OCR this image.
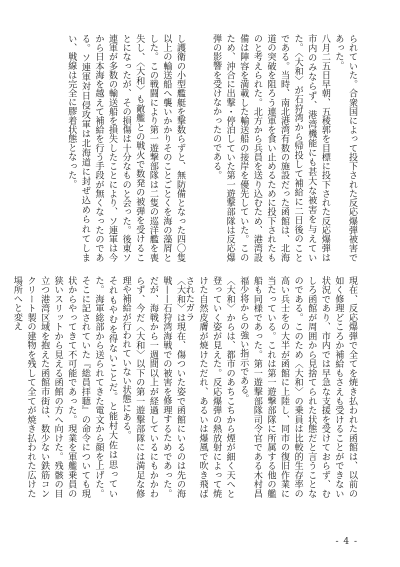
られていた。合衆国によって投下された反応爆弾被害であった。
八月二五日早朝、五稜郭を目標に投下された反応爆弾は市内のみならず、港湾機能にも甚大な被害を与えていた。〈大和〉が石狩湾から帰投して補給に二日後のことである。当時、南北港湾有数の施設だった函館は、北海道の突破を阻ろう連軍を食い止めるために投下されたものと考えられた。北方から兵員を送り込むため、港湾設備は陣容を満載した輸送船の接岸を優先していた。このため、沖合に出撃・停泊していた第一遊撃部隊は反応爆弾の影響を受けなかったのである。
し護衛の小型艦艇を撃数らずと、無防備となった四〇隻以上の輸送船へ襲いかかりそのことごとくを海の藻屑とした。この戦闘により第一遊撃部隊は二隻の巡洋艦を喪失し、〈大和〉も敵艦との戦火で数発の被弾を受けることになったが、その損傷は十分なものと会った。後東ソ連軍が多数の輸送船を損失したことにより、ソ連軍は今から日本海を越えて補給を行う手段が無くなったのである。ソ連軍対日侵攻軍は北海道に封ぜ込められてしまい、戦線は完全に膠着状態となった。
現在、反応爆弾で全てを焼き払われた函館は、以前の如く修理どころか補給もさえも受けることができない状況であり、市内では早急な支援を受けておらず、むしろ函館が周囲から見捨てられた状態だと言うことなのである。このため〈大和〉の乗員は比較的生存率の高い兵士をの大半が函館に上陸し、同市の復旧作業に当たっている。これは第一遊撃部隊に所属する他の艦船も同様であった。第一遊撃部隊司令官である木村昌福少将からの強い指示である。
〈大和〉からは、都市のあちこちから煙が細く天へと登っていく姿が見えた。反応爆弾の熱放射によって焼けた自然皮膚が焼けただれ、あるいは爆風で吹き飛ばされたガラ
〈大和〉は現在、傷ついた姿で函館にいるのは先の海戦——石狩湾海戦での被害を修理するためであった。だが、海戦から一週間以上が経過しているにもかかわらず、今だ〈大和〉以下の第一遊撃部隊には満足な修理や補給が行われていない状態にある。
それもやむを得ないことだ。と能村大佐は思っていた。海軍総部から送られてきた電文から顔を上げた。そこに記されていた『総員拝聴』の命令についても現状からやってきて不可能であった。現業を軍艦乗員の狭いスリットから見える函館の方へ向けた。残骸の目立つ港湾区域を抱えた函館市街は、数少ない鉄筋コンクリート製の建物を残して全てが焼き払われた広けた場所へと変え
- 4 -
